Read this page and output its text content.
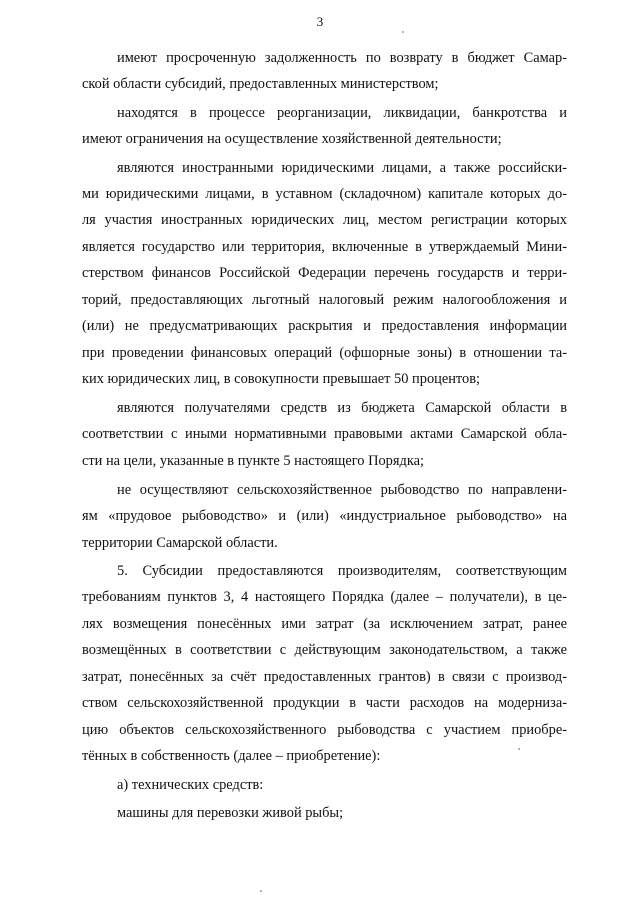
3
имеют просроченную задолженность по возврату в бюджет Самар-
ской области субсидий, предоставленных министерством;
находятся в процессе реорганизации, ликвидации, банкротства и
имеют ограничения на осуществление хозяйственной деятельности;
являются иностранными юридическими лицами, а также российски-
ми юридическими лицами, в уставном (складочном) капитале которых до-
ля участия иностранных юридических лиц, местом регистрации которых
является государство или территория, включенные в утверждаемый Мини-
стерством финансов Российской Федерации перечень государств и терри-
торий, предоставляющих льготный налоговый режим налогообложения и
(или) не предусматривающих раскрытия и предоставления информации
при проведении финансовых операций (офшорные зоны) в отношении та-
ких юридических лиц, в совокупности превышает 50 процентов;
являются получателями средств из бюджета Самарской области в
соответствии с иными нормативными правовыми актами Самарской обла-
сти на цели, указанные в пункте 5 настоящего Порядка;
не осуществляют сельскохозяйственное рыбоводство по направлени-
ям «прудовое рыбоводство» и (или) «индустриальное рыбоводство» на
территории Самарской области.
5. Субсидии предоставляются производителям, соответствующим
требованиям пунктов 3, 4 настоящего Порядка (далее – получатели), в це-
лях возмещения понесённых ими затрат (за исключением затрат, ранее
возмещённых в соответствии с действующим законодательством, а также
затрат, понесённых за счёт предоставленных грантов) в связи с производ-
ством сельскохозяйственной продукции в части расходов на модерниза-
цию объектов сельскохозяйственного рыбоводства с участием приобре-
тённых в собственность (далее – приобретение):
а) технических средств:
машины для перевозки живой рыбы;
